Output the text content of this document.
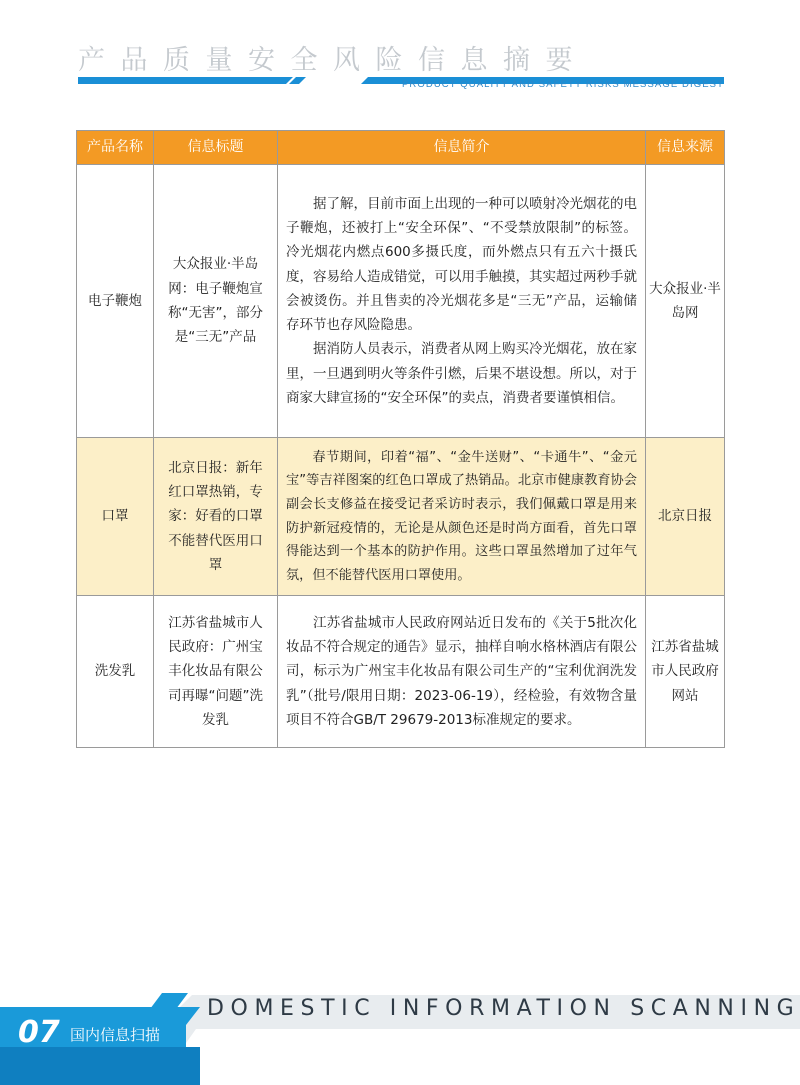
产品质量安全风险信息摘要
PRODUCT QUALITY AND SAFETY RISKS MESSAGE DIGEST
产品名称	信息标题	信息简介	信息来源
电子鞭炮	大众报业·半岛网：电子鞭炮宣称“无害”，部分是“三无”产品	据了解，目前市面上出现的一种可以喷射冷光烟花的电子鞭炮，还被打上“安全环保”、“不受禁放限制”的标签。冷光烟花内燃点600多摄氏度，而外燃点只有五六十摄氏度，容易给人造成错觉，可以用手触摸，其实超过两秒手就会被烫伤。并且售卖的冷光烟花多是“三无”产品，运输储存环节也存风险隐患。

据消防人员表示，消费者从网上购买冷光烟花，放在家里，一旦遇到明火等条件引燃，后果不堪设想。所以，对于商家大肆宣扬的“安全环保”的卖点，消费者要谨慎相信。	大众报业·半岛网
口罩	北京日报：新年红口罩热销，专家：好看的口罩不能替代医用口罩	春节期间，印着“福”、“金牛送财”、“卡通牛”、“金元宝”等吉祥图案的红色口罩成了热销品。北京市健康教育协会副会长支修益在接受记者采访时表示，我们佩戴口罩是用来防护新冠疫情的，无论是从颜色还是时尚方面看，首先口罩得能达到一个基本的防护作用。这些口罩虽然增加了过年气氛，但不能替代医用口罩使用。	北京日报
洗发乳	江苏省盐城市人民政府：广州宝丰化妆品有限公司再曝“问题”洗发乳	江苏省盐城市人民政府网站近日发布的《关于5批次化妆品不符合规定的通告》显示，抽样自响水格林酒店有限公司，标示为广州宝丰化妆品有限公司生产的“宝利优润洗发乳”（批号/限用日期：2023-06-19），经检验，有效物含量项目不符合GB/T 29679-2013标准规定的要求。	江苏省盐城市人民政府网站
DOMESTIC INFORMATION SCANNING
07 国内信息扫描
